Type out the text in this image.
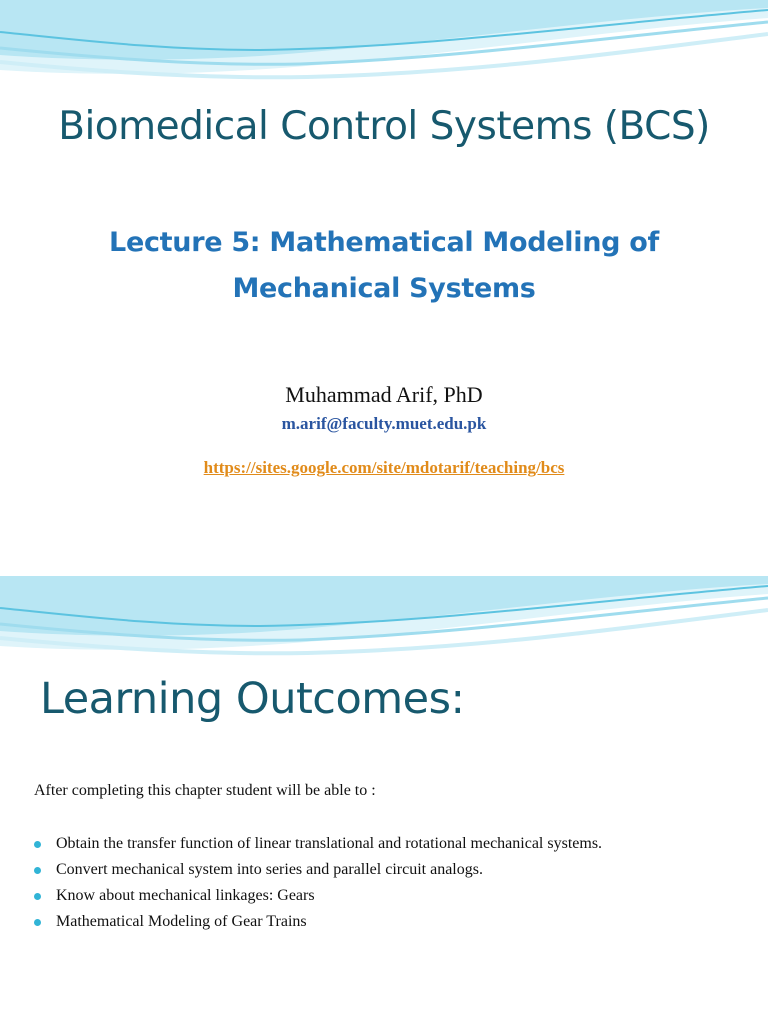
Biomedical Control Systems (BCS)
Lecture 5: Mathematical Modeling of
Mechanical Systems
Muhammad Arif, PhD
m.arif@faculty.muet.edu.pk
https://sites.google.com/site/mdotarif/teaching/bcs
Learning Outcomes:
After completing this chapter student will be able to :
Obtain the transfer function of linear translational and rotational mechanical systems.
Convert mechanical system into series and parallel circuit analogs.
Know about mechanical linkages: Gears
Mathematical Modeling of Gear Trains
